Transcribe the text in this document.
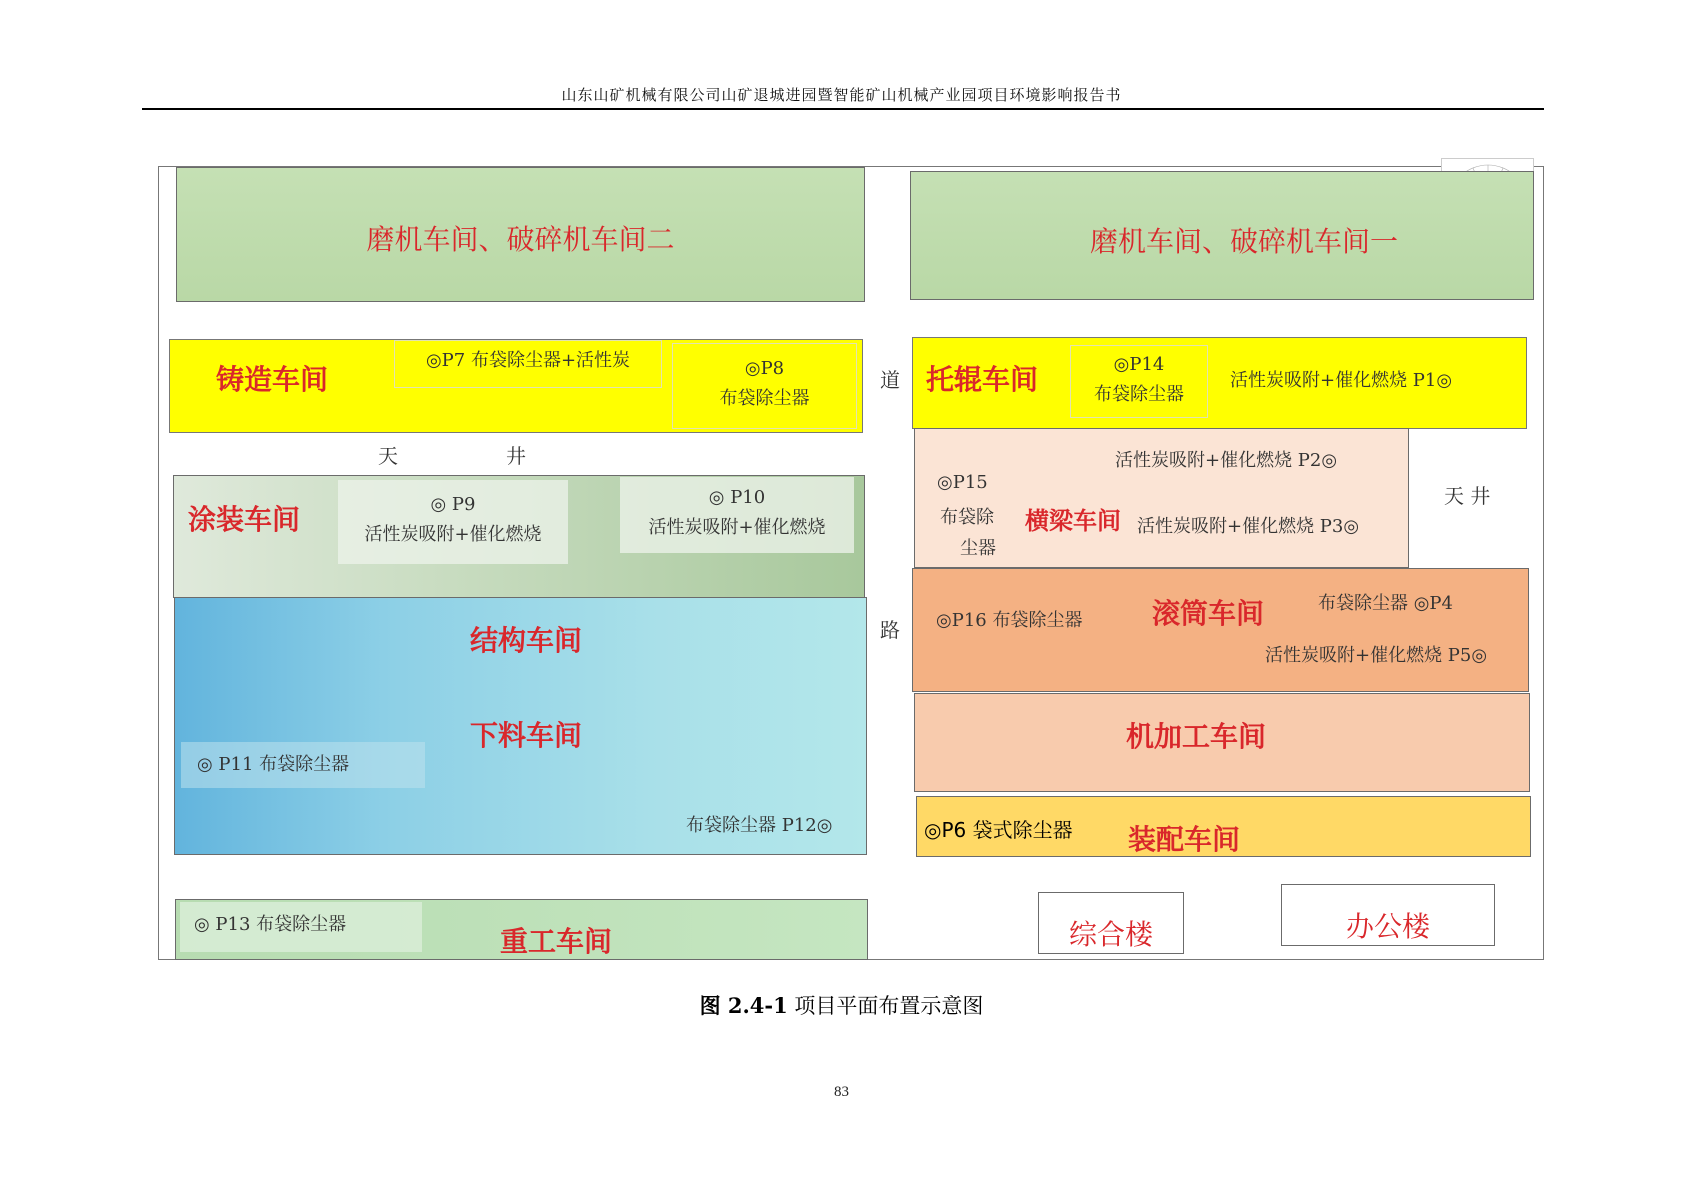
山东山矿机械有限公司山矿退城进园暨智能矿山机械产业园项目环境影响报告书
磨机车间、破碎机车间二	磨机车间、破碎机车间一
铸造车间
◎P7 布袋除尘器+活性炭	◎P8
布袋除尘器
天	井
托辊车间	◎P14
布袋除尘器
活性炭吸附+催化燃烧 P1◎
道
路
涂装车间	◎ P9
活性炭吸附+催化燃烧
◎ P10
活性炭吸附+催化燃烧
活性炭吸附+催化燃烧 P2◎
◎P15
布袋除
尘器
横梁车间 活性炭吸附+催化燃烧 P3◎
天 井
结构车间
下料车间
◎ P11 布袋除尘器
布袋除尘器 P12◎
◎P16 布袋除尘器 滚筒车间	布袋除尘器 ◎P4
活性炭吸附+催化燃烧 P5◎
机加工车间
◎P6 袋式除尘器 装配车间
◎ P13 布袋除尘器
重工车间	综合楼	办公楼
图 2.4-1 项目平面布置示意图
83
